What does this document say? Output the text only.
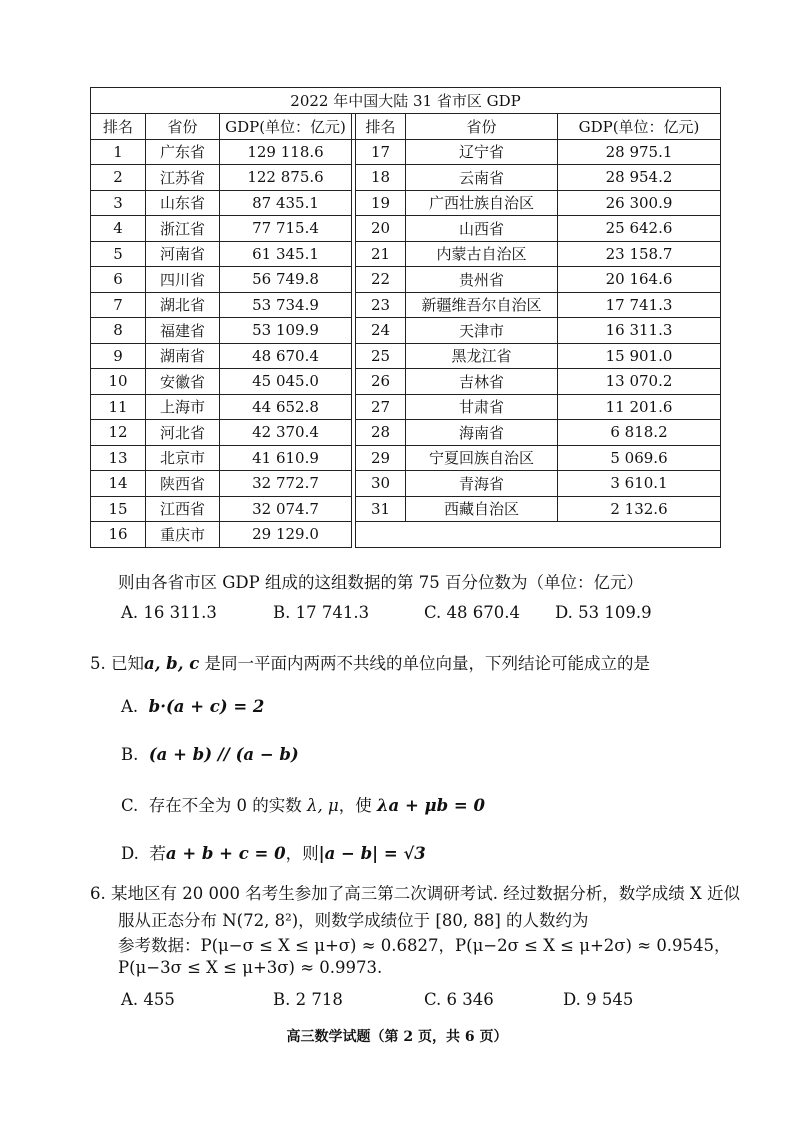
2022 年中国大陆 31 省市区 GDP						
排名	省份	GDP(单位：亿元)		排名	省份	GDP(单位：亿元)
1	广东省	129 118.6		17	辽宁省	28 975.1
2	江苏省	122 875.6		18	云南省	28 954.2
3	山东省	87 435.1		19	广西壮族自治区	26 300.9
4	浙江省	77 715.4		20	山西省	25 642.6
5	河南省	61 345.1		21	内蒙古自治区	23 158.7
6	四川省	56 749.8		22	贵州省	20 164.6
7	湖北省	53 734.9		23	新疆维吾尔自治区	17 741.3
8	福建省	53 109.9		24	天津市	16 311.3
9	湖南省	48 670.4		25	黑龙江省	15 901.0
10	安徽省	45 045.0		26	吉林省	13 070.2
11	上海市	44 652.8		27	甘肃省	11 201.6
12	河北省	42 370.4		28	海南省	6 818.2
13	北京市	41 610.9		29	宁夏回族自治区	5 069.6
14	陕西省	32 772.7		30	青海省	3 610.1
15	江西省	32 074.7		31	西藏自治区	2 132.6
16	重庆市	29 129.0				
则由各省市区 GDP 组成的这组数据的第 75 百分位数为（单位：亿元）
A. 16 311.3	B. 17 741.3	C. 48 670.4 D. 53 109.9
5. 已知a, b, c 是同一平面内两两不共线的单位向量，下列结论可能成立的是
A. b·(a + c) = 2
B. (a + b) // (a − b)
C. 存在不全为 0 的实数 λ, μ，使 λa + μb = 0
D. 若a + b + c = 0，则|a − b| = √3
6. 某地区有 20 000 名考生参加了高三第二次调研考试. 经过数据分析，数学成绩 X 近似
服从正态分布 N(72, 8²)，则数学成绩位于 [80, 88] 的人数约为
参考数据：P(μ−σ ≤ X ≤ μ+σ) ≈ 0.6827，P(μ−2σ ≤ X ≤ μ+2σ) ≈ 0.9545，
P(μ−3σ ≤ X ≤ μ+3σ) ≈ 0.9973.
A. 455	B. 2 718	C. 6 346	D. 9 545
高三数学试题（第 2 页，共 6 页）
